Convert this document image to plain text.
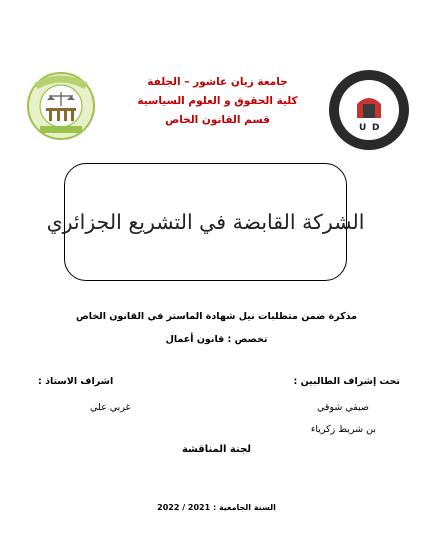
جامعة زيان عاشور – الجلفة
كلية الحقوق و العلوم السياسية
قسم القانون الخاص
U D
الشركة القابضة في التشريع الجزائري
مذكرة ضمن متطلبات نيل شهادة الماستر في القانون الخاص
تخصص : قانون أعمال
تحت إشراف الطالبين :
صيفي شوقي
بن شريط زكرياء
اشراف الاستاذ :
غربي علي
لجنة المناقشة
السنة الجامعية : 2021 / 2022
